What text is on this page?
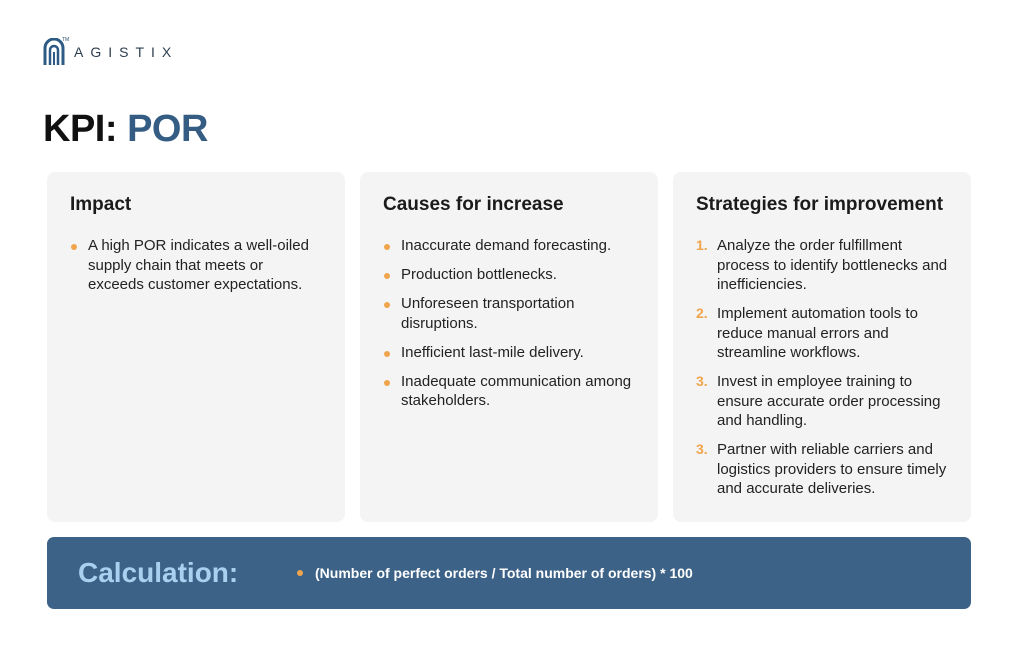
TM
AGISTIX
KPI: POR
Impact
A high POR indicates a well-oiled supply chain that meets or exceeds customer expectations.
Causes for increase
Inaccurate demand forecasting.
Production bottlenecks.
Unforeseen transportation disruptions.
Inefficient last-mile delivery.
Inadequate communication among stakeholders.
Strategies for improvement
1. Analyze the order fulfillment process to identify bottlenecks and inefficiencies.
2. Implement automation tools to reduce manual errors and streamline workflows.
3. Invest in employee training to ensure accurate order processing and handling.
3. Partner with reliable carriers and logistics providers to ensure timely and accurate deliveries.
Calculation:	(Number of perfect orders / Total number of orders) * 100
